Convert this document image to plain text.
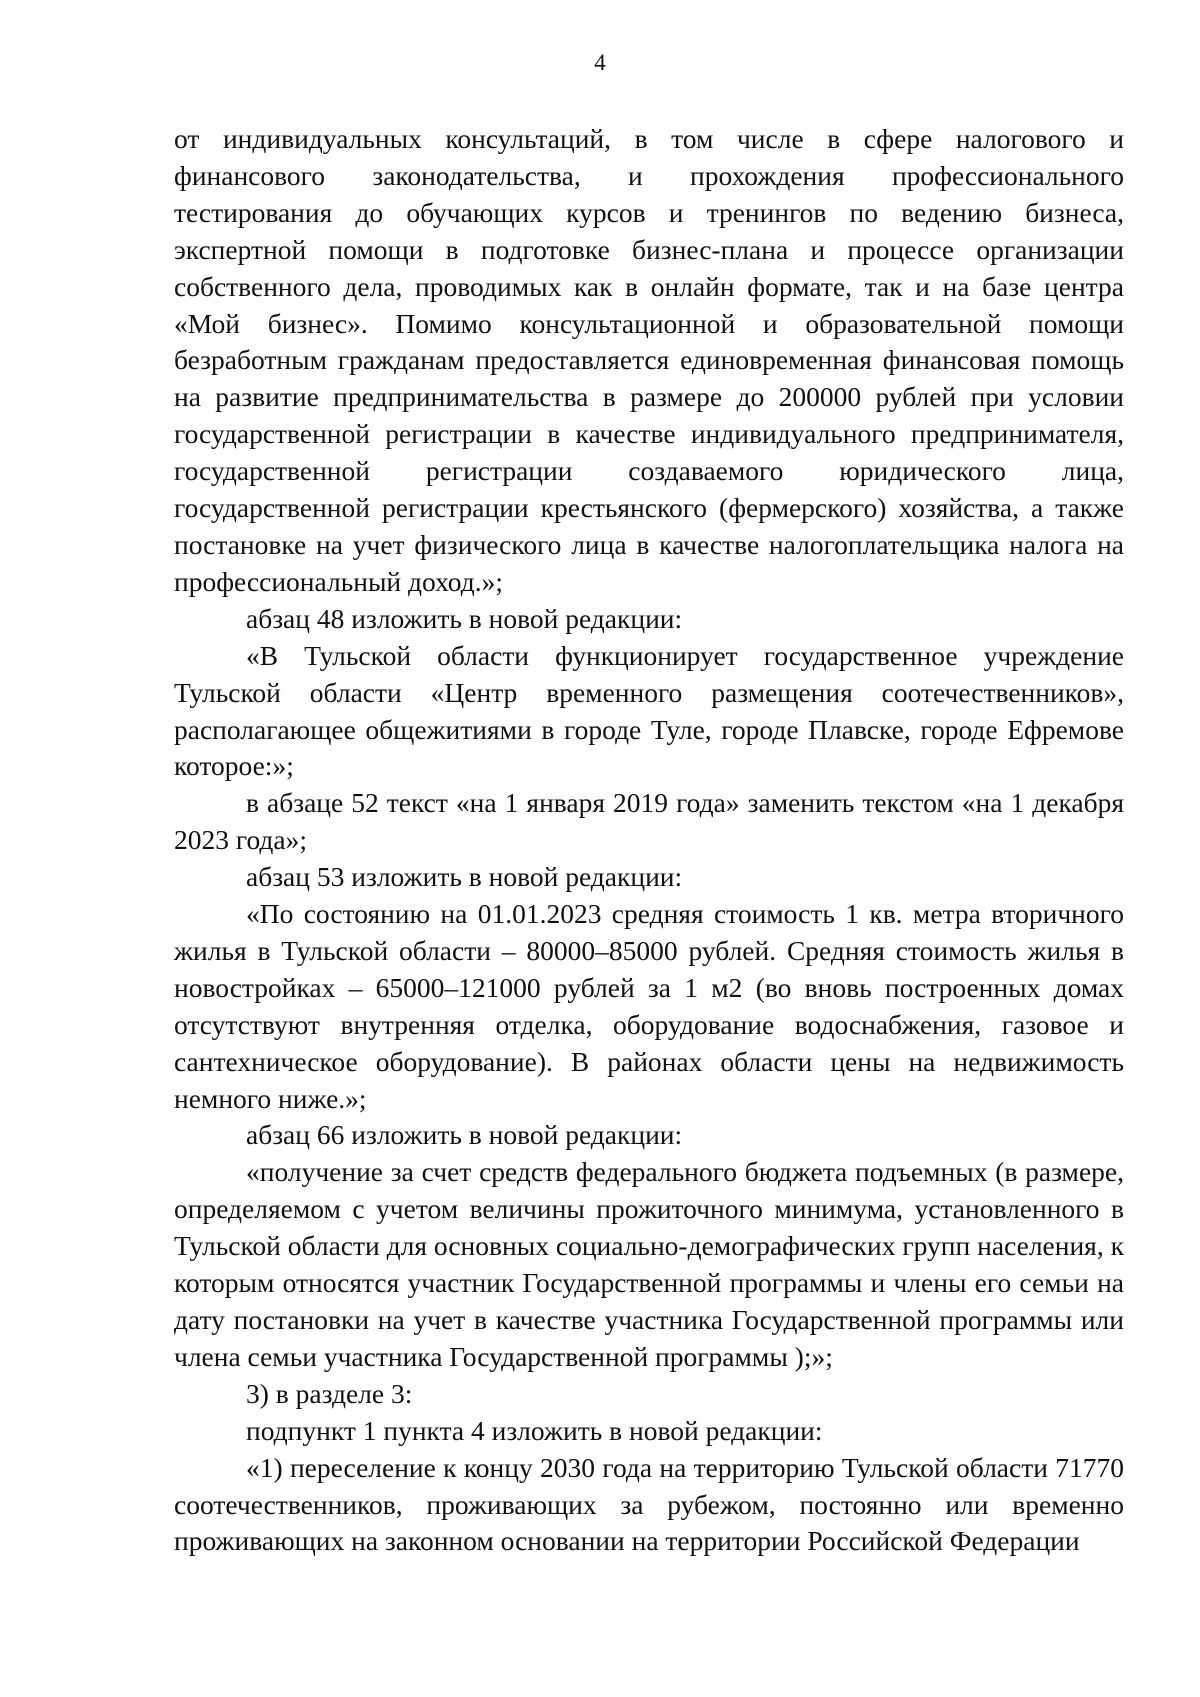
4

от индивидуальных консультаций, в том числе в сфере налогового и финансового законодательства, и прохождения профессионального тестирования до обучающих курсов и тренингов по ведению бизнеса, экспертной помощи в подготовке бизнес-плана и процессе организации собственного дела, проводимых как в онлайн формате, так и на базе центра «Мой бизнес». Помимо консультационной и образовательной помощи безработным гражданам предоставляется единовременная финансовая помощь на развитие предпринимательства в размере до 200000 рублей при условии государственной регистрации в качестве индивидуального предпринимателя, государственной регистрации создаваемого юридического лица, государственной регистрации крестьянского (фермерского) хозяйства, а также постановке на учет физического лица в качестве налогоплательщика налога на профессиональный доход.»;

абзац 48 изложить в новой редакции:

«В Тульской области функционирует государственное учреждение Тульской области «Центр временного размещения соотечественников», располагающее общежитиями в городе Туле, городе Плавске, городе Ефремове которое:»;

в абзаце 52 текст «на 1 января 2019 года» заменить текстом «на 1 декабря 2023 года»;

абзац 53 изложить в новой редакции:

«По состоянию на 01.01.2023 средняя стоимость 1 кв. метра вторичного жилья в Тульской области – 80000–85000 рублей. Средняя стоимость жилья в новостройках – 65000–121000 рублей за 1 м2 (во вновь построенных домах отсутствуют внутренняя отделка, оборудование водоснабжения, газовое и сантехническое оборудование). В районах области цены на недвижимость немного ниже.»;

абзац 66 изложить в новой редакции:

«получение за счет средств федерального бюджета подъемных (в размере, определяемом с учетом величины прожиточного минимума, установленного в Тульской области для основных социально-демографических групп населения, к которым относятся участник Государственной программы и члены его семьи на дату постановки на учет в качестве участника Государственной программы или члена семьи участника Государственной программы );»;

3) в разделе 3:

подпункт 1 пункта 4 изложить в новой редакции:

«1) переселение к концу 2030 года на территорию Тульской области 71770 соотечественников, проживающих за рубежом, постоянно или временно проживающих на законном основании на территории Российской Федерации
